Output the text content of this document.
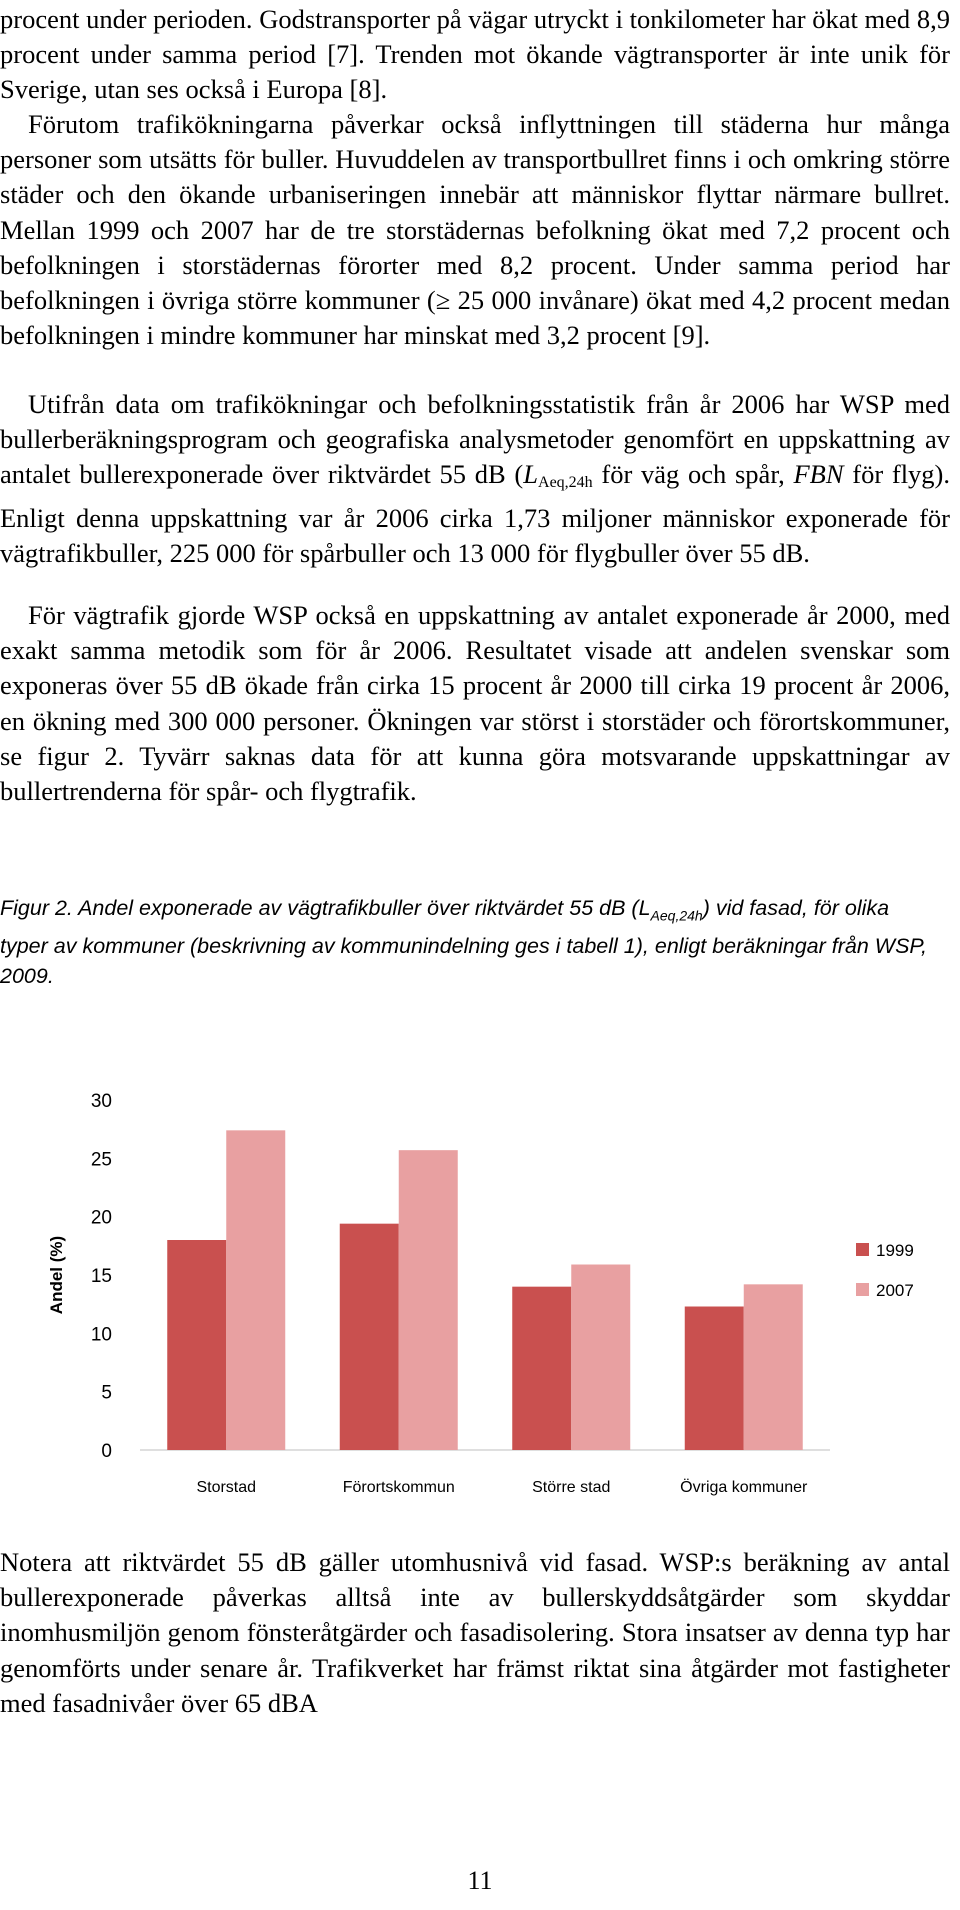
procent under perioden. Godstransporter på vägar utryckt i tonkilometer har ökat med 8,9 procent under samma period [7]. Trenden mot ökande vägtransporter är inte unik för Sverige, utan ses också i Europa [8].

Förutom trafikökningarna påverkar också inflyttningen till städerna hur många personer som utsätts för buller. Huvuddelen av transportbullret finns i och omkring större städer och den ökande urbaniseringen innebär att människor flyttar närmare bullret. Mellan 1999 och 2007 har de tre storstädernas befolkning ökat med 7,2 procent och befolkningen i storstädernas förorter med 8,2 procent. Under samma period har befolkningen i övriga större kommuner (≥ 25 000 invånare) ökat med 4,2 procent medan befolkningen i mindre kommuner har minskat med 3,2 procent [9].

Utifrån data om trafikökningar och befolkningsstatistik från år 2006 har WSP med bullerberäkningsprogram och geografiska analysmetoder genomfört en uppskattning av antalet bullerexponerade över riktvärdet 55 dB (LAeq,24h för väg och spår, FBN för flyg). Enligt denna uppskattning var år 2006 cirka 1,73 miljoner människor exponerade för vägtrafikbuller, 225 000 för spårbuller och 13 000 för flygbuller över 55 dB.

För vägtrafik gjorde WSP också en uppskattning av antalet exponerade år 2000, med exakt samma metodik som för år 2006. Resultatet visade att andelen svenskar som exponeras över 55 dB ökade från cirka 15 procent år 2000 till cirka 19 procent år 2006, en ökning med 300 000 personer. Ökningen var störst i storstäder och förortskommuner, se figur 2. Tyvärr saknas data för att kunna göra motsvarande uppskattningar av bullertrenderna för spår- och flygtrafik.

Figur 2. Andel exponerade av vägtrafikbuller över riktvärdet 55 dB $(L_{Aeq,24h})$ vid fasad, för olika typer av kommuner (beskrivning av kommunindelning ges i tabell 1), enligt beräkningar från WSP, 2009.

0
5
10
15
20
25
30
Andel (%)
Storstad	Förortskommun	Större stad	Övriga kommuner
1999
2007

Notera att riktvärdet 55 dB gäller utomhusnivå vid fasad. WSP:s beräkning av antal bullerexponerade påverkas alltså inte av bullerskyddsåtgärder som skyddar inomhusmiljön genom fönsteråtgärder och fasadisolering. Stora insatser av denna typ har genomförts under senare år. Trafikverket har främst riktat sina åtgärder mot fastigheter med fasadnivåer över 65 dBA

11
